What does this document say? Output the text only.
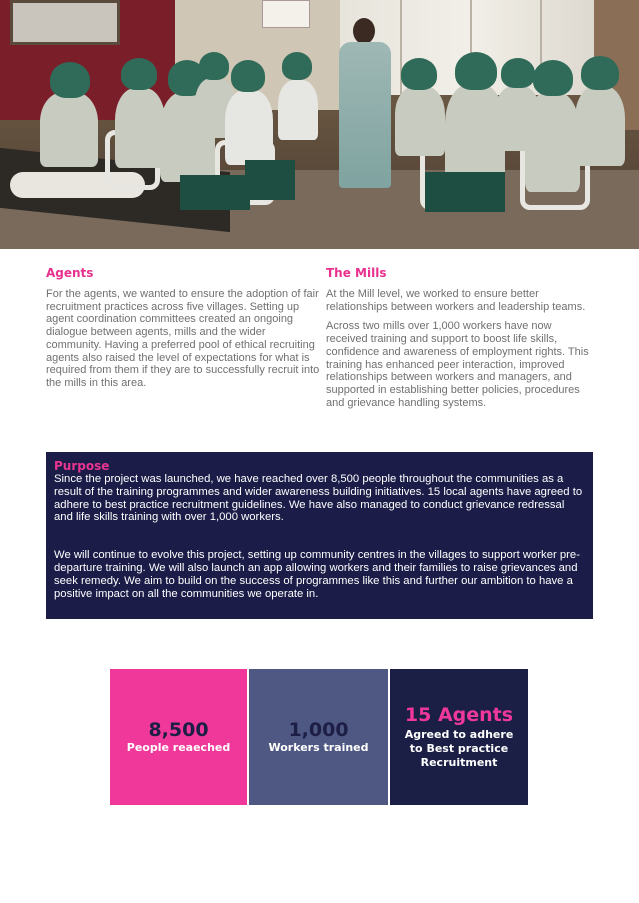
Agents

For the agents, we wanted to ensure the adoption of fair recruitment practices across five villages. Setting up agent coordination committees created an ongoing dialogue between agents, mills and the wider community. Having a preferred pool of ethical recruiting agents also raised the level of expectations for what is required from them if they are to successfully recruit into the mills in this area.

The Mills

At the Mill level, we worked to ensure better relationships between workers and leadership teams.

Across two mills over 1,000 workers have now received training and support to boost life skills, confidence and awareness of employment rights. This training has enhanced peer interaction, improved relationships between workers and managers, and supported in establishing better policies, procedures and grievance handling systems.

Purpose

Since the project was launched, we have reached over 8,500 people throughout the communities as a result of the training programmes and wider awareness building initiatives. 15 local agents have agreed to adhere to best practice recruitment guidelines. We have also managed to conduct grievance redressal and life skills training with over 1,000 workers.

We will continue to evolve this project, setting up community centres in the villages to support worker pre-departure training. We will also launch an app allowing workers and their families to raise grievances and seek remedy. We aim to build on the success of programmes like this and further our ambition to have a positive impact on all the communities we operate in.

8,500
People reaeched
1,000
Workers trained
15 Agents
Agreed to adhere to Best practice Recruitment
